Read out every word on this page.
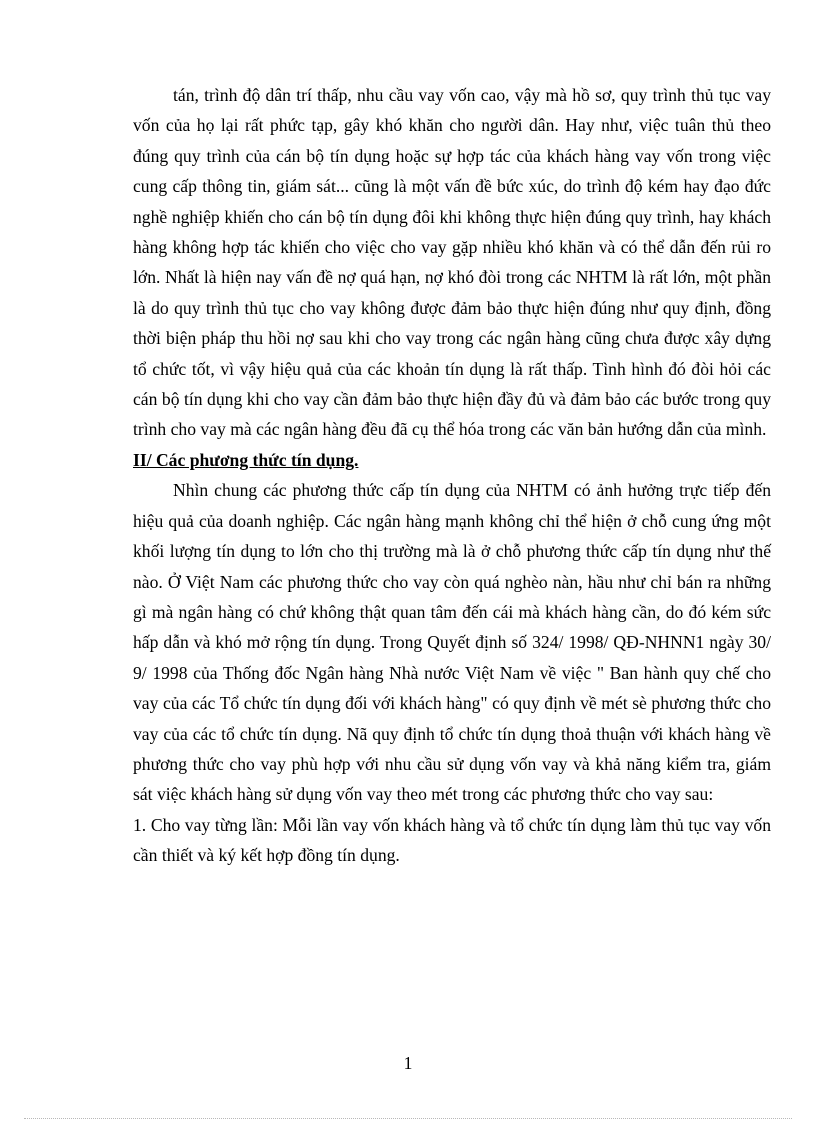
tán, trình độ dân trí thấp, nhu cầu vay vốn cao, vậy mà hồ sơ, quy trình thủ tục vay vốn của họ lại rất phức tạp, gây khó khăn cho người dân. Hay như, việc tuân thủ theo đúng quy trình của cán bộ tín dụng hoặc sự hợp tác của khách hàng vay vốn trong việc cung cấp thông tin, giám sát... cũng là một vấn đề bức xúc, do trình độ kém hay đạo đức nghề nghiệp khiến cho cán bộ tín dụng đôi khi không thực hiện đúng quy trình, hay khách hàng không hợp tác khiến cho việc cho vay gặp nhiều khó khăn và có thể dẫn đến rủi ro lớn. Nhất là hiện nay vấn đề nợ quá hạn, nợ khó đòi trong các NHTM là rất lớn, một phần là do quy trình thủ tục cho vay không được đảm bảo thực hiện đúng như quy định, đồng thời biện pháp thu hồi nợ sau khi cho vay trong các ngân hàng cũng chưa được xây dựng tổ chức tốt, vì vậy hiệu quả của các khoản tín dụng là rất thấp. Tình hình đó đòi hỏi các cán bộ tín dụng khi cho vay cần đảm bảo thực hiện đầy đủ và đảm bảo các bước trong quy trình cho vay mà các ngân hàng đều đã cụ thể hóa trong các văn bản hướng dẫn của mình.

II/ Các phương thức tín dụng.

Nhìn chung các phương thức cấp tín dụng của NHTM có ảnh hưởng trực tiếp đến hiệu quả của doanh nghiệp. Các ngân hàng mạnh không chỉ thể hiện ở chỗ cung ứng một khối lượng tín dụng to lớn cho thị trường mà là ở chỗ phương thức cấp tín dụng như thế nào. Ở Việt Nam các phương thức cho vay còn quá nghèo nàn, hầu như chỉ bán ra những gì mà ngân hàng có chứ không thật quan tâm đến cái mà khách hàng cần, do đó kém sức hấp dẫn và khó mở rộng tín dụng. Trong Quyết định số 324/ 1998/ QĐ-NHNN1 ngày 30/ 9/ 1998 của Thống đốc Ngân hàng Nhà nước Việt Nam về việc " Ban hành quy chế cho vay của các Tổ chức tín dụng đối với khách hàng" có quy định về mét sè phương thức cho vay của các tổ chức tín dụng. Nã quy định tổ chức tín dụng thoả thuận với khách hàng về phương thức cho vay phù hợp với nhu cầu sử dụng vốn vay và khả năng kiểm tra, giám sát việc khách hàng sử dụng vốn vay theo mét trong các phương thức cho vay sau:

1. Cho vay từng lần: Mỗi lần vay vốn khách hàng và tổ chức tín dụng làm thủ tục vay vốn cần thiết và ký kết hợp đồng tín dụng.

1
